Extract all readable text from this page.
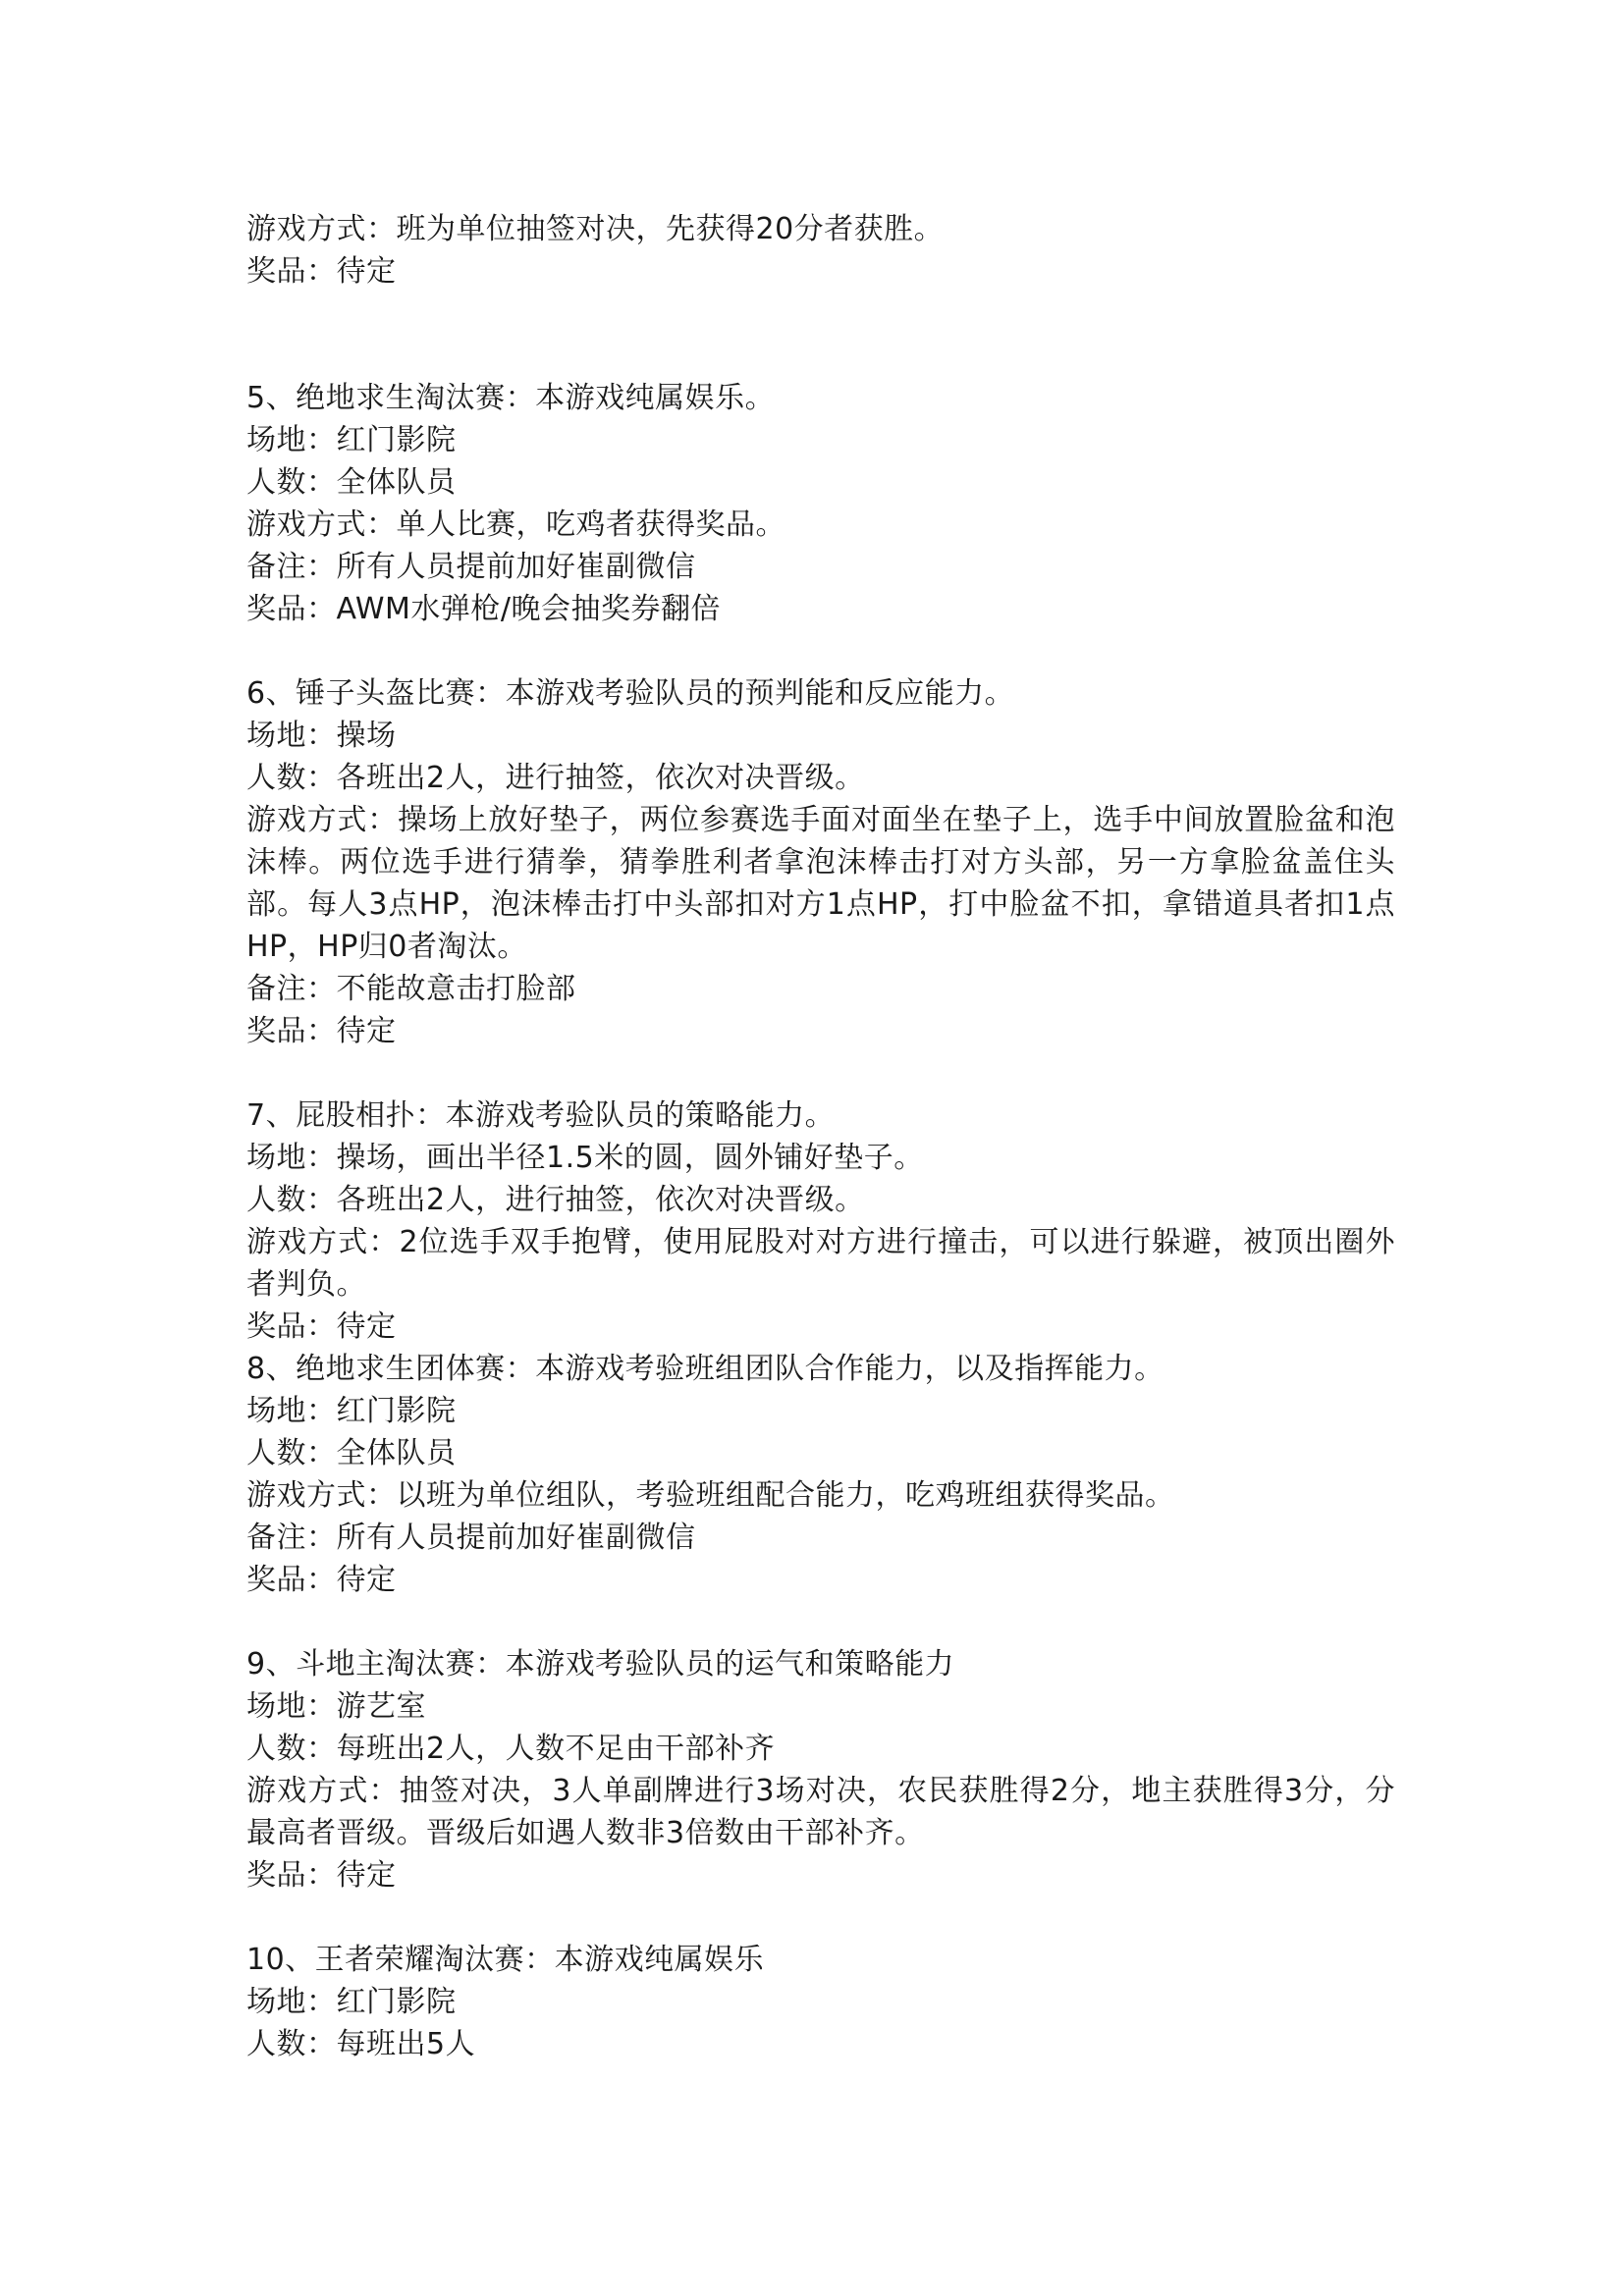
游戏方式：班为单位抽签对决，先获得20分者获胜。
奖品：待定
5、绝地求生淘汰赛：本游戏纯属娱乐。
场地：红门影院
人数：全体队员
游戏方式：单人比赛，吃鸡者获得奖品。
备注：所有人员提前加好崔副微信
奖品：AWM水弹枪/晚会抽奖券翻倍
6、锤子头盔比赛：本游戏考验队员的预判能和反应能力。
场地：操场
人数：各班出2人，进行抽签，依次对决晋级。
游戏方式：操场上放好垫子，两位参赛选手面对面坐在垫子上，选手中间放置脸盆和泡沫棒。两位选手进行猜拳，猜拳胜利者拿泡沫棒击打对方头部，另一方拿脸盆盖住头部。每人3点HP，泡沫棒击打中头部扣对方1点HP，打中脸盆不扣，拿错道具者扣1点HP，HP归0者淘汰。
备注：不能故意击打脸部
奖品：待定
7、屁股相扑：本游戏考验队员的策略能力。
场地：操场，画出半径1.5米的圆，圆外铺好垫子。
人数：各班出2人，进行抽签，依次对决晋级。
游戏方式：2位选手双手抱臂，使用屁股对对方进行撞击，可以进行躲避，被顶出圈外者判负。
奖品：待定
8、绝地求生团体赛：本游戏考验班组团队合作能力，以及指挥能力。
场地：红门影院
人数：全体队员
游戏方式：以班为单位组队，考验班组配合能力，吃鸡班组获得奖品。
备注：所有人员提前加好崔副微信
奖品：待定
9、斗地主淘汰赛：本游戏考验队员的运气和策略能力
场地：游艺室
人数：每班出2人，人数不足由干部补齐
游戏方式：抽签对决，3人单副牌进行3场对决，农民获胜得2分，地主获胜得3分，分最高者晋级。晋级后如遇人数非3倍数由干部补齐。
奖品：待定
10、王者荣耀淘汰赛：本游戏纯属娱乐
场地：红门影院
人数：每班出5人
